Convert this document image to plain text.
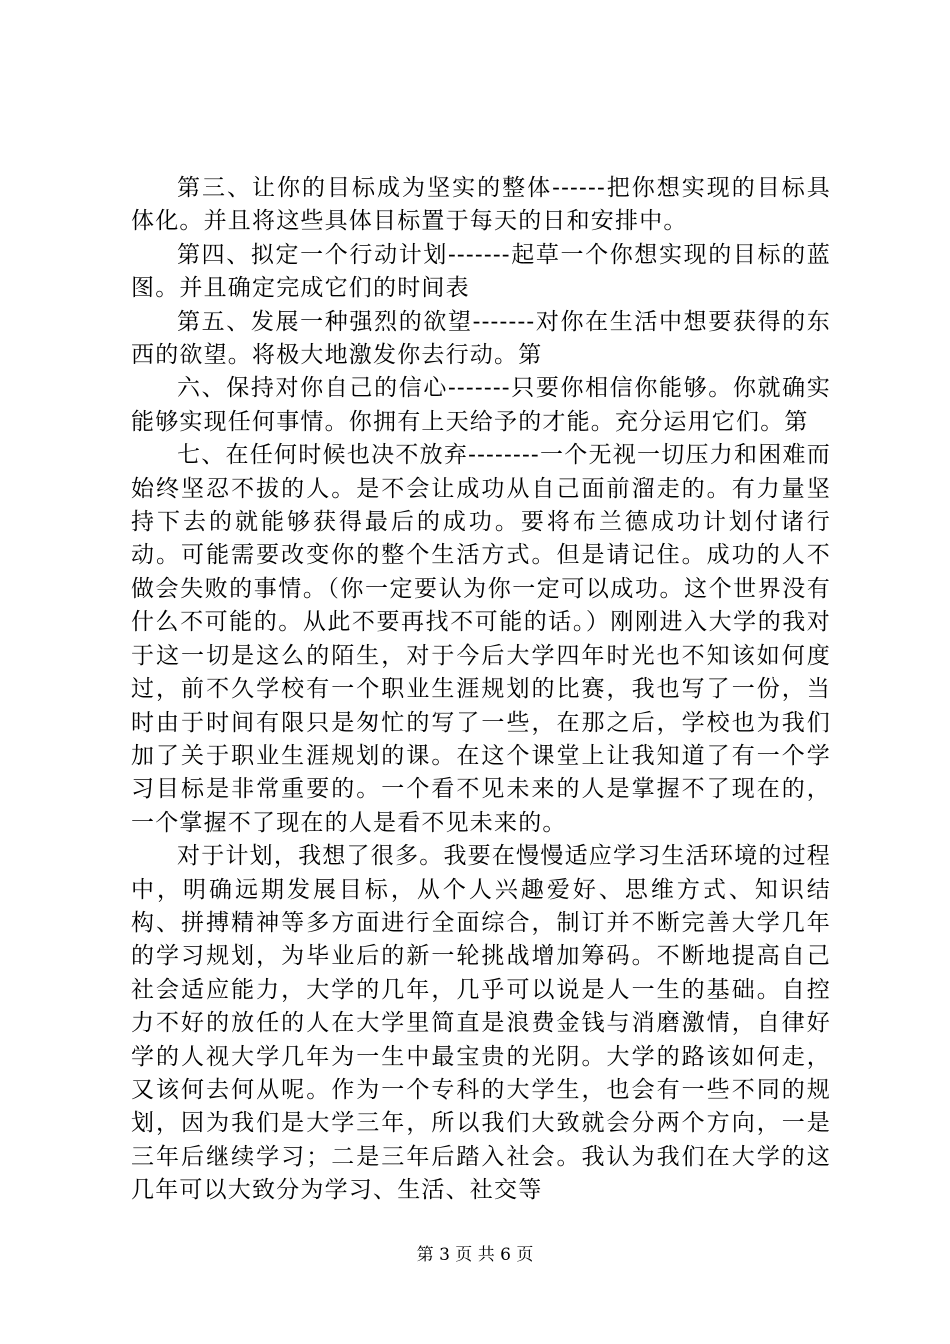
第三、让你的目标成为坚实的整体------把你想实现的目标具体化。并且将这些具体目标置于每天的日和安排中。

第四、拟定一个行动计划-------起草一个你想实现的目标的蓝图。并且确定完成它们的时间表

第五、发展一种强烈的欲望-------对你在生活中想要获得的东西的欲望。将极大地激发你去行动。第

六、保持对你自己的信心-------只要你相信你能够。你就确实能够实现任何事情。你拥有上天给予的才能。充分运用它们。第

七、在任何时候也决不放弃--------一个无视一切压力和困难而始终坚忍不拔的人。是不会让成功从自己面前溜走的。有力量坚持下去的就能够获得最后的成功。要将布兰德成功计划付诸行动。可能需要改变你的整个生活方式。但是请记住。成功的人不做会失败的事情。（你一定要认为你一定可以成功。这个世界没有什么不可能的。从此不要再找不可能的话。）刚刚进入大学的我对于这一切是这么的陌生，对于今后大学四年时光也不知该如何度过，前不久学校有一个职业生涯规划的比赛，我也写了一份，当时由于时间有限只是匆忙的写了一些，在那之后，学校也为我们加了关于职业生涯规划的课。在这个课堂上让我知道了有一个学习目标是非常重要的。一个看不见未来的人是掌握不了现在的，一个掌握不了现在的人是看不见未来的。

对于计划，我想了很多。我要在慢慢适应学习生活环境的过程中，明确远期发展目标，从个人兴趣爱好、思维方式、知识结构、拼搏精神等多方面进行全面综合，制订并不断完善大学几年的学习规划，为毕业后的新一轮挑战增加筹码。不断地提高自己社会适应能力，大学的几年，几乎可以说是人一生的基础。自控力不好的放任的人在大学里简直是浪费金钱与消磨激情，自律好学的人视大学几年为一生中最宝贵的光阴。大学的路该如何走，又该何去何从呢。作为一个专科的大学生，也会有一些不同的规划，因为我们是大学三年，所以我们大致就会分两个方向，一是三年后继续学习；二是三年后踏入社会。我认为我们在大学的这几年可以大致分为学习、生活、社交等

第 3 页 共 6 页
